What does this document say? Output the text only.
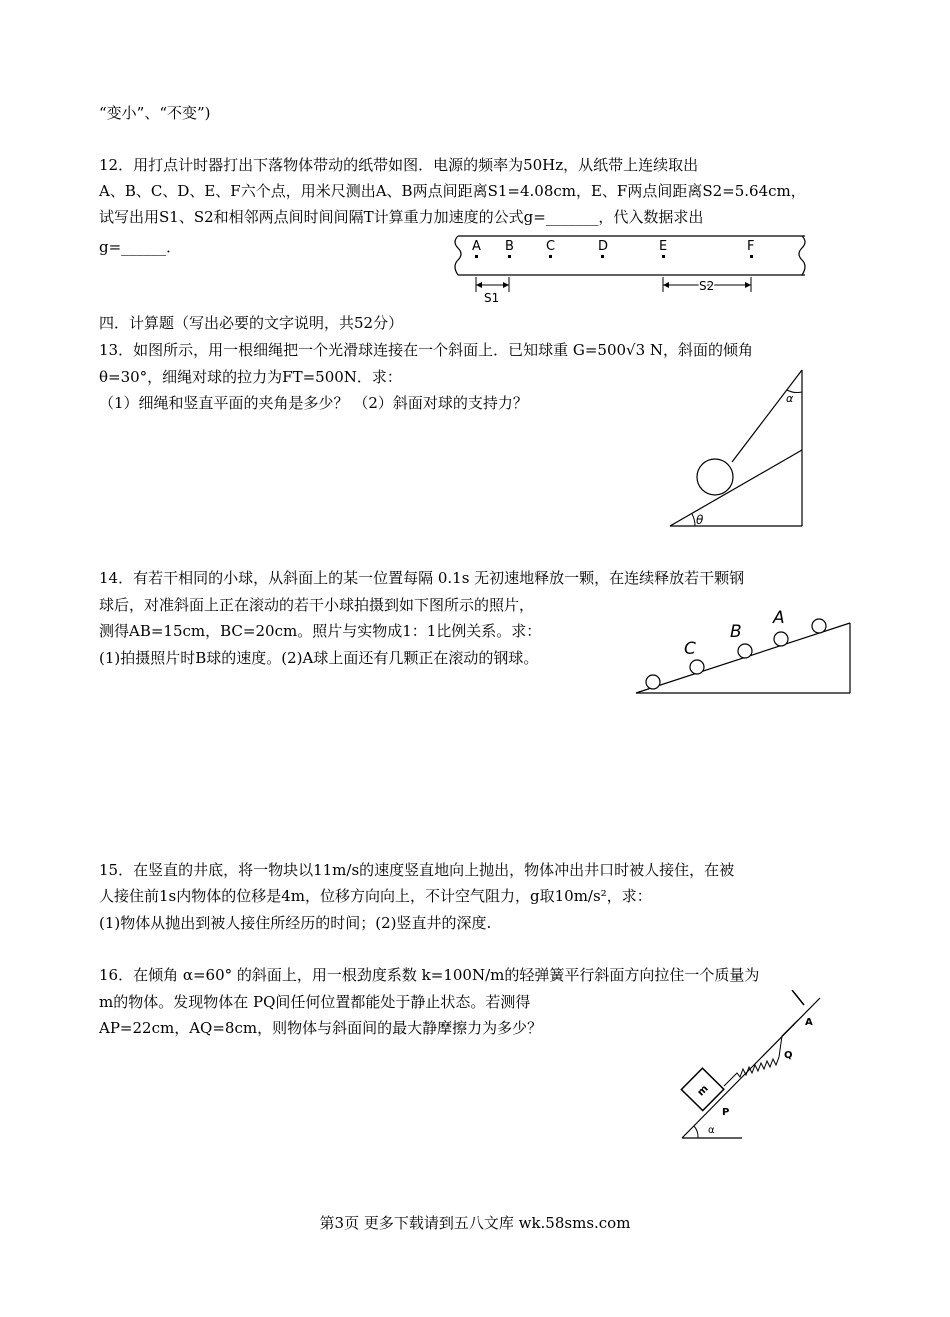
“变小”、“不变”)

12．用打点计时器打出下落物体带动的纸带如图．电源的频率为50Hz，从纸带上连续取出

A、B、C、D、E、F六个点，用米尺测出A、B两点间距离S1=4.08cm，E、F两点间距离S2=5.64cm，

试写出用S1、S2和相邻两点间时间间隔T计算重力加速度的公式g=_______，代入数据求出

g=______．	A B C	D	E	F
S1
S2

四．计算题（写出必要的文字说明，共52分）

13．如图所示，用一根细绳把一个光滑球连接在一个斜面上．已知球重 G=500√3 N，斜面的倾角

θ=30°，细绳对球的拉力为FT=500N．求：

（1）细绳和竖直平面的夹角是多少？ （2）斜面对球的支持力？

θ
α

14．有若干相同的小球，从斜面上的某一位置每隔 0.1s 无初速地释放一颗，在连续释放若干颗钢

球后，对准斜面上正在滚动的若干小球拍摄到如下图所示的照片，

测得AB=15cm，BC=20cm。照片与实物成1：1比例关系。求：

(1)拍摄照片时B球的速度。(2)A球上面还有几颗正在滚动的钢球。

A
B
C

15．在竖直的井底，将一物块以11m/s的速度竖直地向上抛出，物体冲出井口时被人接住，在被

人接住前1s内物体的位移是4m，位移方向向上，不计空气阻力，g取10m/s²，求：

(1)物体从抛出到被人接住所经历的时间；(2)竖直井的深度.

16．在倾角 α=60° 的斜面上，用一根劲度系数 k=100N/m的轻弹簧平行斜面方向拉住一个质量为

m的物体。发现物体在 PQ间任何位置都能处于静止状态。若测得

AP=22cm，AQ=8cm，则物体与斜面间的最大静摩擦力为多少？

m
A
Q
P
α
第3页 更多下载请到五八文库 wk.58sms.com
